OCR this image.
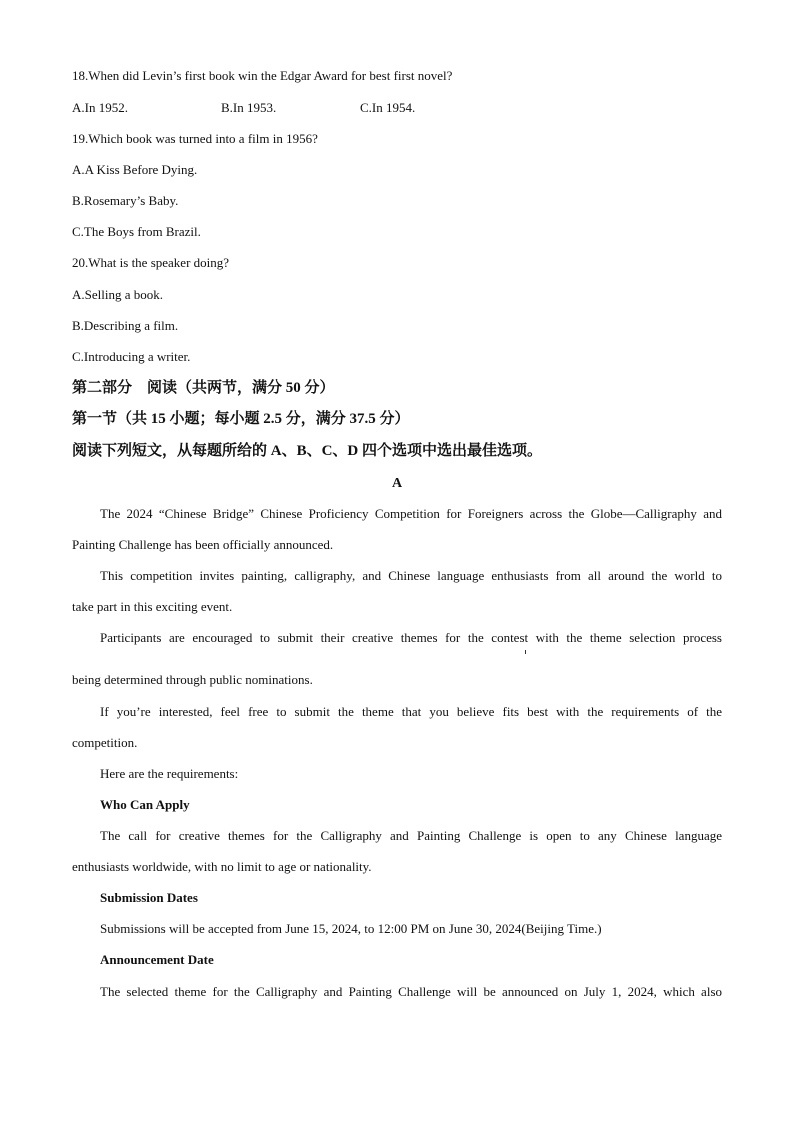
18.When did Levin’s first book win the Edgar Award for best first novel?
A.In 1952.	B.In 1953.	C.In 1954.
19.Which book was turned into a film in 1956?
A.A Kiss Before Dying.
B.Rosemary’s Baby.
C.The Boys from Brazil.
20.What is the speaker doing?
A.Selling a book.
B.Describing a film.
C.Introducing a writer.
第二部分　阅读（共两节，满分 50 分）
第一节（共 15 小题；每小题 2.5 分，满分 37.5 分）
阅读下列短文，从每题所给的 A、B、C、D 四个选项中选出最佳选项。
A
The 2024 “Chinese Bridge” Chinese Proficiency Competition for Foreigners across the Globe—Calligraphy and
Painting Challenge has been officially announced.
This competition invites painting, calligraphy, and Chinese language enthusiasts from all around the world to
take part in this exciting event.
Participants are encouraged to submit their creative themes for the contest with the theme selection process
being determined through public nominations.
If you’re interested, feel free to submit the theme that you believe fits best with the requirements of the
competition.
Here are the requirements:
Who Can Apply
The call for creative themes for the Calligraphy and Painting Challenge is open to any Chinese language
enthusiasts worldwide, with no limit to age or nationality.
Submission Dates
Submissions will be accepted from June 15, 2024, to 12:00 PM on June 30, 2024(Beijing Time.)
Announcement Date
The selected theme for the Calligraphy and Painting Challenge will be announced on July 1, 2024, which also
